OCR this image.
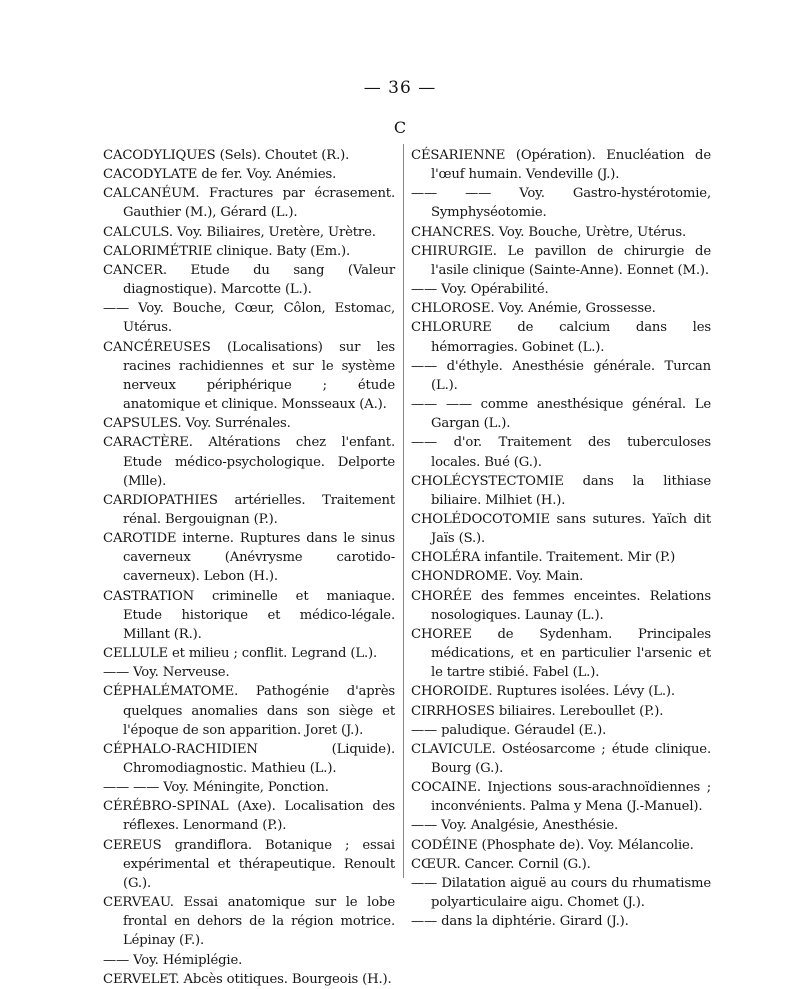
— 36 —
C
CACODYLIQUES (Sels). Choutet (R.).
CACODYLATE de fer. Voy. Anémies.
CALCANÉUM. Fractures par écrasement. Gauthier (M.), Gérard (L.).
CALCULS. Voy. Biliaires, Uretère, Urètre.
CALORIMÉTRIE clinique. Baty (Em.).
CANCER. Etude du sang (Valeur diagnostique). Marcotte (L.).
—— Voy. Bouche, Cœur, Côlon, Estomac, Utérus.
CANCÉREUSES (Localisations) sur les racines rachidiennes et sur le système nerveux périphérique ; étude anatomique et clinique. Monsseaux (A.).
CAPSULES. Voy. Surrénales.
CARACTÈRE. Altérations chez l'enfant. Etude médico-psychologique. Delporte (Mlle).
CARDIOPATHIES artérielles. Traitement rénal. Bergouignan (P.).
CAROTIDE interne. Ruptures dans le sinus caverneux (Anévrysme carotido-caverneux). Lebon (H.).
CASTRATION criminelle et maniaque. Etude historique et médico-légale. Millant (R.).
CELLULE et milieu ; conflit. Legrand (L.).
—— Voy. Nerveuse.
CÉPHALÉMATOME. Pathogénie d'après quelques anomalies dans son siège et l'époque de son apparition. Joret (J.).
CÉPHALO-RACHIDIEN (Liquide). Chromodiagnostic. Mathieu (L.).
—— —— Voy. Méningite, Ponction.
CÉRÉBRO-SPINAL (Axe). Localisation des réflexes. Lenormand (P.).
CEREUS grandiflora. Botanique ; essai expérimental et thérapeutique. Renoult (G.).
CERVEAU. Essai anatomique sur le lobe frontal en dehors de la région motrice. Lépinay (F.).
—— Voy. Hémiplégie.
CERVELET. Abcès otitiques. Bourgeois (H.).
CÉSARIENNE (Opération). Enucléation de l'œuf humain. Vendeville (J.).
—— —— Voy. Gastro-hystérotomie, Symphyséotomie.
CHANCRES. Voy. Bouche, Urètre, Utérus.
CHIRURGIE. Le pavillon de chirurgie de l'asile clinique (Sainte-Anne). Eonnet (M.).
—— Voy. Opérabilité.
CHLOROSE. Voy. Anémie, Grossesse.
CHLORURE de calcium dans les hémorragies. Gobinet (L.).
—— d'éthyle. Anesthésie générale. Turcan (L.).
—— —— comme anesthésique général. Le Gargan (L.).
—— d'or. Traitement des tuberculoses locales. Bué (G.).
CHOLÉCYSTECTOMIE dans la lithiase biliaire. Milhiet (H.).
CHOLÉDOCOTOMIE sans sutures. Yaïch dit Jaïs (S.).
CHOLÉRA infantile. Traitement. Mir (P.)
CHONDROME. Voy. Main.
CHORÉE des femmes enceintes. Relations nosologiques. Launay (L.).
CHOREE de Sydenham. Principales médications, et en particulier l'arsenic et le tartre stibié. Fabel (L.).
CHOROIDE. Ruptures isolées. Lévy (L.).
CIRRHOSES biliaires. Lereboullet (P.).
—— paludique. Géraudel (E.).
CLAVICULE. Ostéosarcome ; étude clinique. Bourg (G.).
COCAINE. Injections sous-arachnoïdiennes ; inconvénients. Palma y Mena (J.-Manuel).
—— Voy. Analgésie, Anesthésie.
CODÉINE (Phosphate de). Voy. Mélancolie.
CŒUR. Cancer. Cornil (G.).
—— Dilatation aiguë au cours du rhumatisme polyarticulaire aigu. Chomet (J.).
—— dans la diphtérie. Girard (J.).
